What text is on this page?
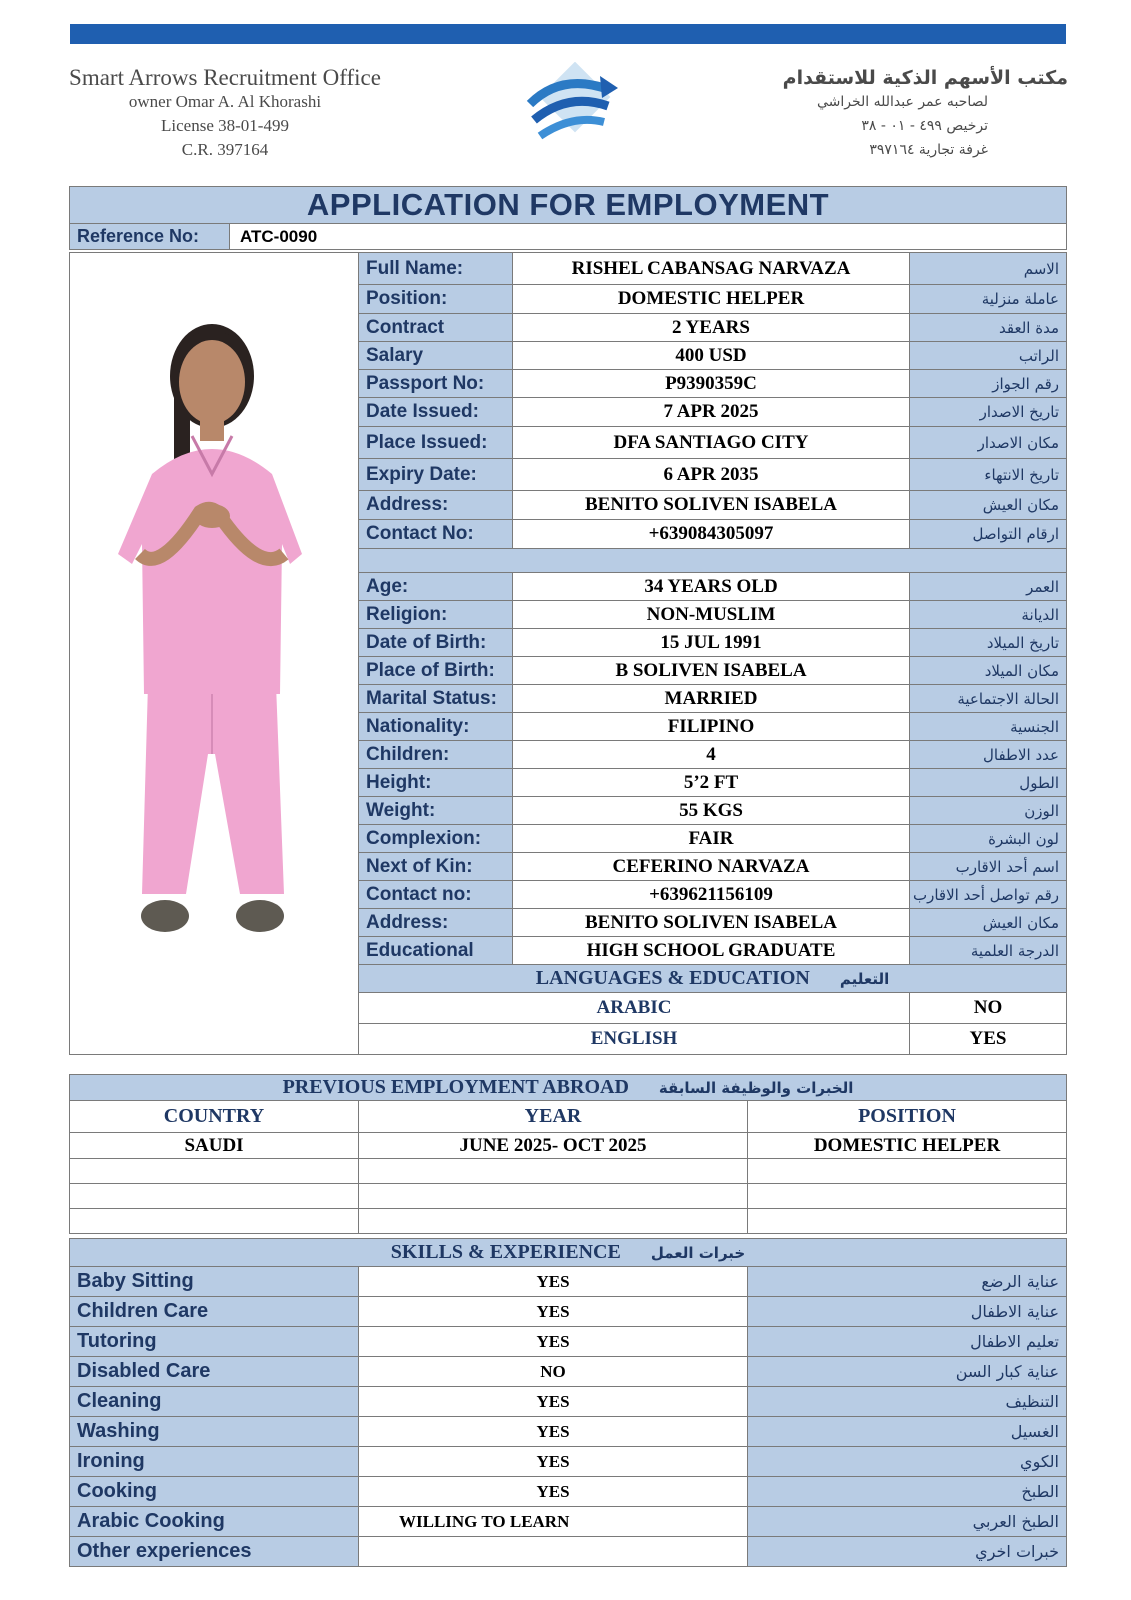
Smart Arrows Recruitment Office
owner Omar A. Al Khorashi
License 38-01-499
C.R. 397164
مكتب الأسهم الذكية للاستقدام
لصاحبه عمر عبدالله الخراشي
ترخيص ٤٩٩ - ٠١ - ٣٨
غرفة تجارية ٣٩٧١٦٤
APPLICATION FOR EMPLOYMENT
Reference No:	ATC-0090
	Full Name:	RISHEL CABANSAG NARVAZA	الاسم
	Position:	DOMESTIC HELPER	عاملة منزلية
	Contract	2 YEARS	مدة العقد
	Salary	400 USD	الراتب
	Passport No:	P9390359C	رقم الجواز
	Date Issued:	7 APR 2025	تاريخ الاصدار
	Place Issued:	DFA SANTIAGO CITY	مكان الاصدار
	Expiry Date:	6 APR 2035	تاريخ الانتهاء
	Address:	BENITO SOLIVEN ISABELA	مكان العيش
	Contact No:	+639084305097	ارقام التواصل

	Age:	34 YEARS OLD	العمر
	Religion:	NON-MUSLIM	الديانة
	Date of Birth:	15 JUL 1991	تاريخ الميلاد
	Place of Birth:	B SOLIVEN ISABELA	مكان الميلاد
	Marital Status:	MARRIED	الحالة الاجتماعية
	Nationality:	FILIPINO	الجنسية
	Children:	4	عدد الاطفال
	Height:	5’2 FT	الطول
	Weight:	55 KGS	الوزن
	Complexion:	FAIR	لون البشرة
	Next of Kin:	CEFERINO NARVAZA	اسم أحد الاقارب
	Contact no:	+639621156109	رقم تواصل أحد الاقارب
	Address:	BENITO SOLIVEN ISABELA	مكان العيش
	Educational	HIGH SCHOOL GRADUATE	الدرجة العلمية
	LANGUAGES & EDUCATION التعليم		
	ARABIC		NO
	ENGLISH		YES
PREVIOUS EMPLOYMENT ABROAD الخبرات والوظيفة السابقة		
COUNTRY	YEAR	POSITION
SAUDI	JUNE 2025- OCT 2025	DOMESTIC HELPER

SKILLS & EXPERIENCE خبرات العمل		
Baby Sitting	YES	عناية الرضع
Children Care	YES	عناية الاطفال
Tutoring	YES	تعليم الاطفال
Disabled Care	NO	عناية كبار السن
Cleaning	YES	التنظيف
Washing	YES	الغسيل
Ironing	YES	الكوي
Cooking	YES	الطبخ
Arabic Cooking	WILLING TO LEARN	الطبخ العربي
Other experiences		خبرات اخري
